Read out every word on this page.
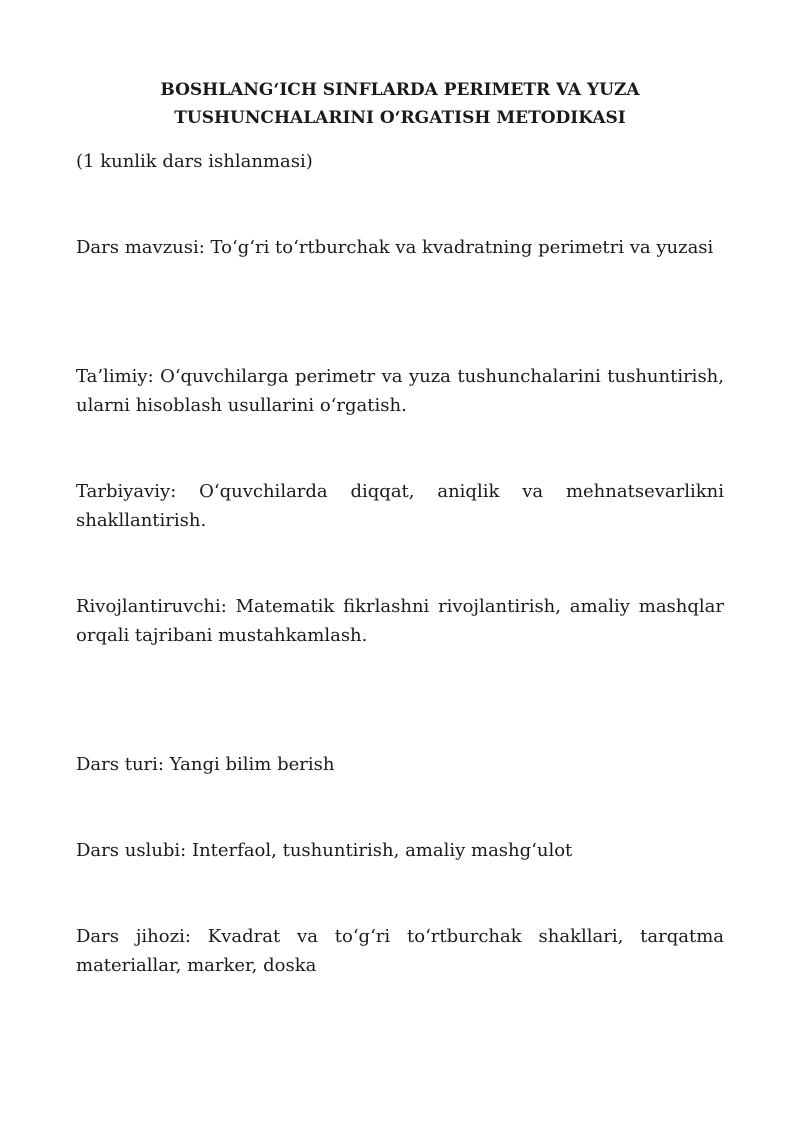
BOSHLANG‘ICH SINFLARDA PERIMETR VA YUZA
TUSHUNCHALARINI O‘RGATISH METODIKASI

(1 kunlik dars ishlanmasi)

Dars mavzusi: To‘g‘ri to‘rtburchak va kvadratning perimetri va yuzasi

Ta’limiy: O‘quvchilarga perimetr va yuza tushunchalarini tushuntirish, ularni hisoblash usullarini o‘rgatish.

Tarbiyaviy: O‘quvchilarda diqqat, aniqlik va mehnatsevarlikni shakllantirish.

Rivojlantiruvchi: Matematik fikrlashni rivojlantirish, amaliy mashqlar orqali tajribani mustahkamlash.

Dars turi: Yangi bilim berish

Dars uslubi: Interfaol, tushuntirish, amaliy mashg‘ulot

Dars jihozi: Kvadrat va to‘g‘ri to‘rtburchak shakllari, tarqatma materiallar, marker, doska
